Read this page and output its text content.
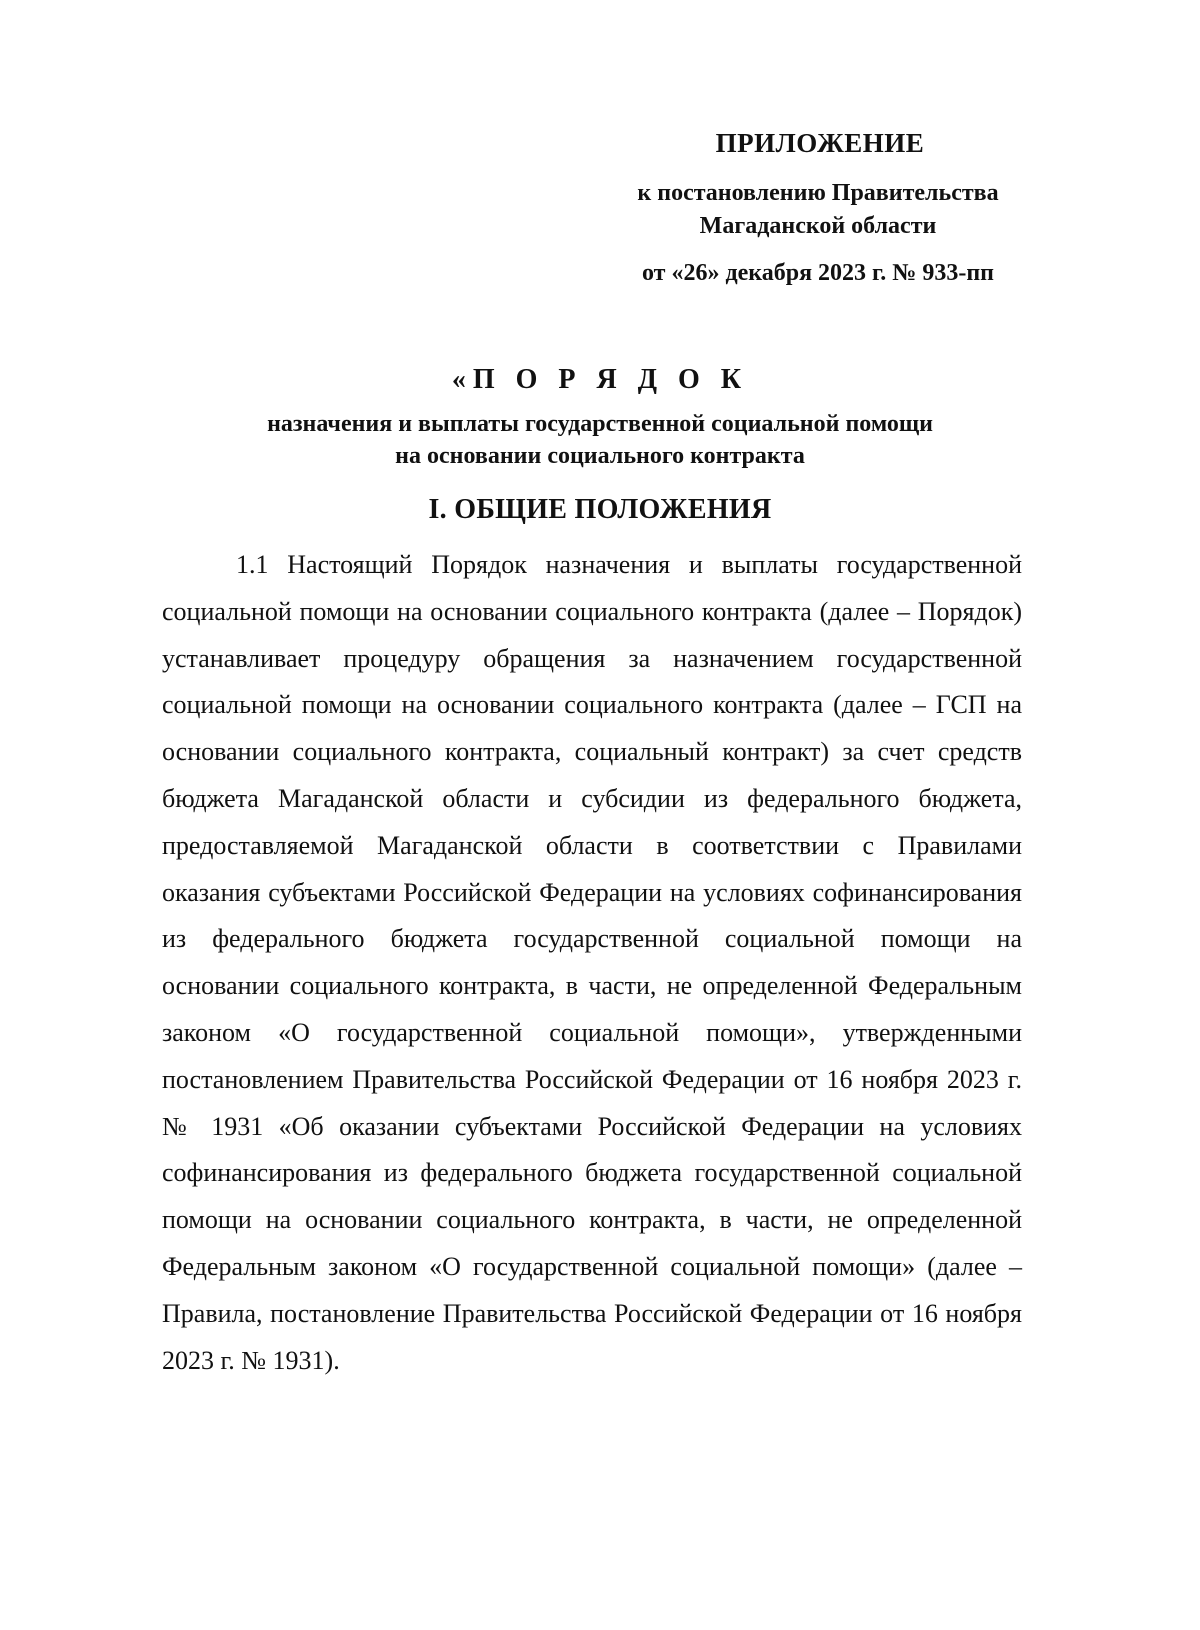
ПРИЛОЖЕНИЕ
к постановлению Правительства
Магаданской области
от «26» декабря 2023 г. № 933-пп
«П О Р Я Д О К
назначения и выплаты государственной социальной помощи
на основании социального контракта
I. ОБЩИЕ ПОЛОЖЕНИЯ

1.1 Настоящий Порядок назначения и выплаты государственной социальной помощи на основании социального контракта (далее – Порядок) устанавливает процедуру обращения за назначением государственной социальной помощи на основании социального контракта (далее – ГСП на основании социального контракта, социальный контракт) за счет средств бюджета Магаданской области и субсидии из федерального бюджета, предоставляемой Магаданской области в соответствии с Правилами оказания субъектами Российской Федерации на условиях софинансирования из федерального бюджета государственной социальной помощи на основании социального контракта, в части, не определенной Федеральным законом «О государственной социальной помощи», утвержденными постановлением Правительства Российской Федерации от 16 ноября 2023 г. № 1931 «Об оказании субъектами Российской Федерации на условиях софинансирования из федерального бюджета государственной социальной помощи на основании социального контракта, в части, не определенной Федеральным законом «О государственной социальной помощи» (далее – Правила, постановление Правительства Российской Федерации от 16 ноября 2023 г. № 1931).
